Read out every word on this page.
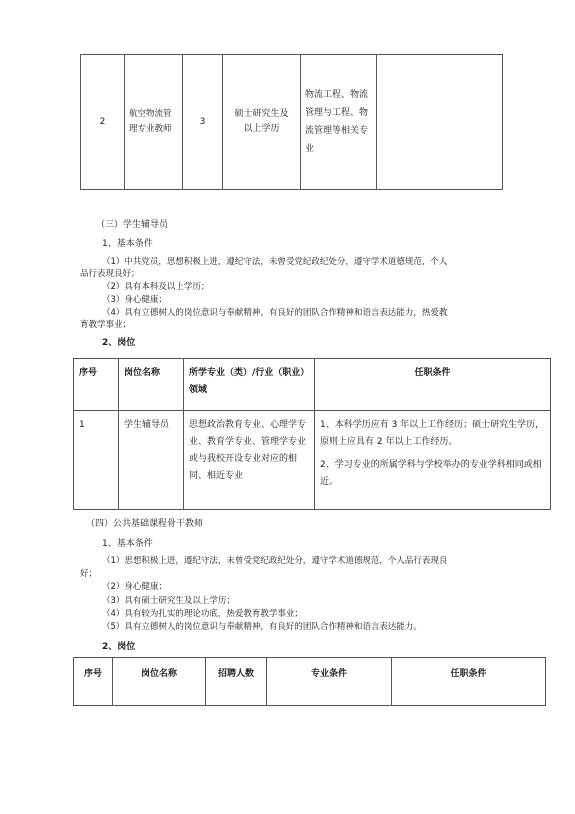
2	航空物流管理专业教师	3	硕士研究生及以上学历	物流工程、物流管理与工程、物流管理等相关专业	
（三）学生辅导员
1、基本条件
（1）中共党员，思想积极上进，遵纪守法，未曾受党纪政纪处分，遵守学术道德规范，个人
品行表现良好；
（2）具有本科及以上学历；
（3）身心健康；
（4）具有立德树人的岗位意识与奉献精神，有良好的团队合作精神和语言表达能力，热爱教
育教学事业；
2、岗位
序号	岗位名称	所学专业（类）/行业（职业）领域	任职条件
1	学生辅导员	思想政治教育专业、心理学专业、教育学专业、管理学专业或与我校开设专业对应的相同、相近专业	1、本科学历应有 3 年以上工作经历；硕士研究生学历，原则上应具有 2 年以上工作经历。
2、学习专业的所属学科与学校举办的专业学科相同或相近。
（四）公共基础课程骨干教师
1、基本条件
（1）思想积极上进，遵纪守法，未曾受党纪政纪处分，遵守学术道德规范，个人品行表现良
好；
（2）身心健康；
（3）具有硕士研究生及以上学历；
（4）具有较为扎实的理论功底，热爱教育教学事业；
（5）具有立德树人的岗位意识与奉献精神，有良好的团队合作精神和语言表达能力。
2、岗位
序号	岗位名称	招聘人数	专业条件	任职条件
